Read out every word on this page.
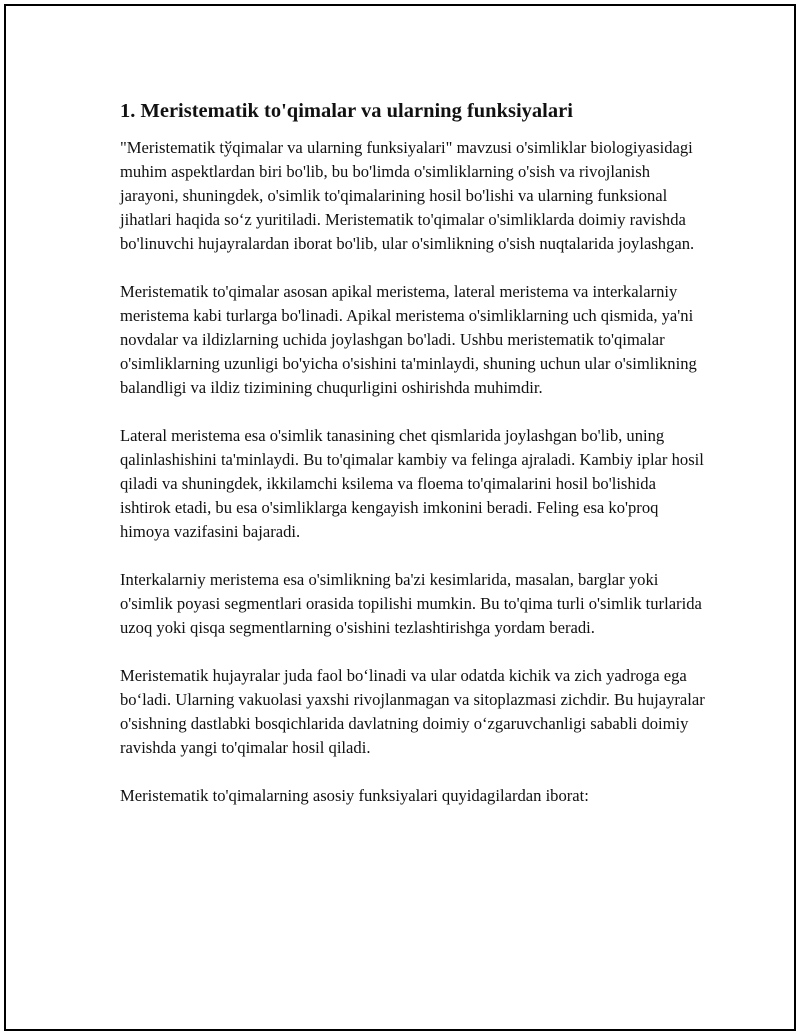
1. Meristematik to'qimalar va ularning funksiyalari

"Meristematik tўqimalar va ularning funksiyalari" mavzusi o'simliklar biologiyasidagi muhim aspektlardan biri bo'lib, bu bo'limda o'simliklarning o'sish va rivojlanish jarayoni, shuningdek, o'simlik to'qimalarining hosil bo'lishi va ularning funksional jihatlari haqida soʻz yuritiladi. Meristematik to'qimalar o'simliklarda doimiy ravishda bo'linuvchi hujayralardan iborat bo'lib, ular o'simlikning o'sish nuqtalarida joylashgan.

Meristematik to'qimalar asosan apikal meristema, lateral meristema va interkalarniy meristema kabi turlarga bo'linadi. Apikal meristema o'simliklarning uch qismida, ya'ni novdalar va ildizlarning uchida joylashgan bo'ladi. Ushbu meristematik to'qimalar o'simliklarning uzunligi bo'yicha o'sishini ta'minlaydi, shuning uchun ular o'simlikning balandligi va ildiz tizimining chuqurligini oshirishda muhimdir.

Lateral meristema esa o'simlik tanasining chet qismlarida joylashgan bo'lib, uning qalinlashishini ta'minlaydi. Bu to'qimalar kambiy va felinga ajraladi. Kambiy iplar hosil qiladi va shuningdek, ikkilamchi ksilema va floema to'qimalarini hosil bo'lishida ishtirok etadi, bu esa o'simliklarga kengayish imkonini beradi. Feling esa ko'proq himoya vazifasini bajaradi.

Interkalarniy meristema esa o'simlikning ba'zi kesimlarida, masalan, barglar yoki o'simlik poyasi segmentlari orasida topilishi mumkin. Bu to'qima turli o'simlik turlarida uzoq yoki qisqa segmentlarning o'sishini tezlashtirishga yordam beradi.

Meristematik hujayralar juda faol boʻlinadi va ular odatda kichik va zich yadroga ega boʻladi. Ularning vakuolasi yaxshi rivojlanmagan va sitoplazmasi zichdir. Bu hujayralar o'sishning dastlabki bosqichlarida davlatning doimiy oʻzgaruvchanligi sababli doimiy ravishda yangi to'qimalar hosil qiladi.

Meristematik to'qimalarning asosiy funksiyalari quyidagilardan iborat:
